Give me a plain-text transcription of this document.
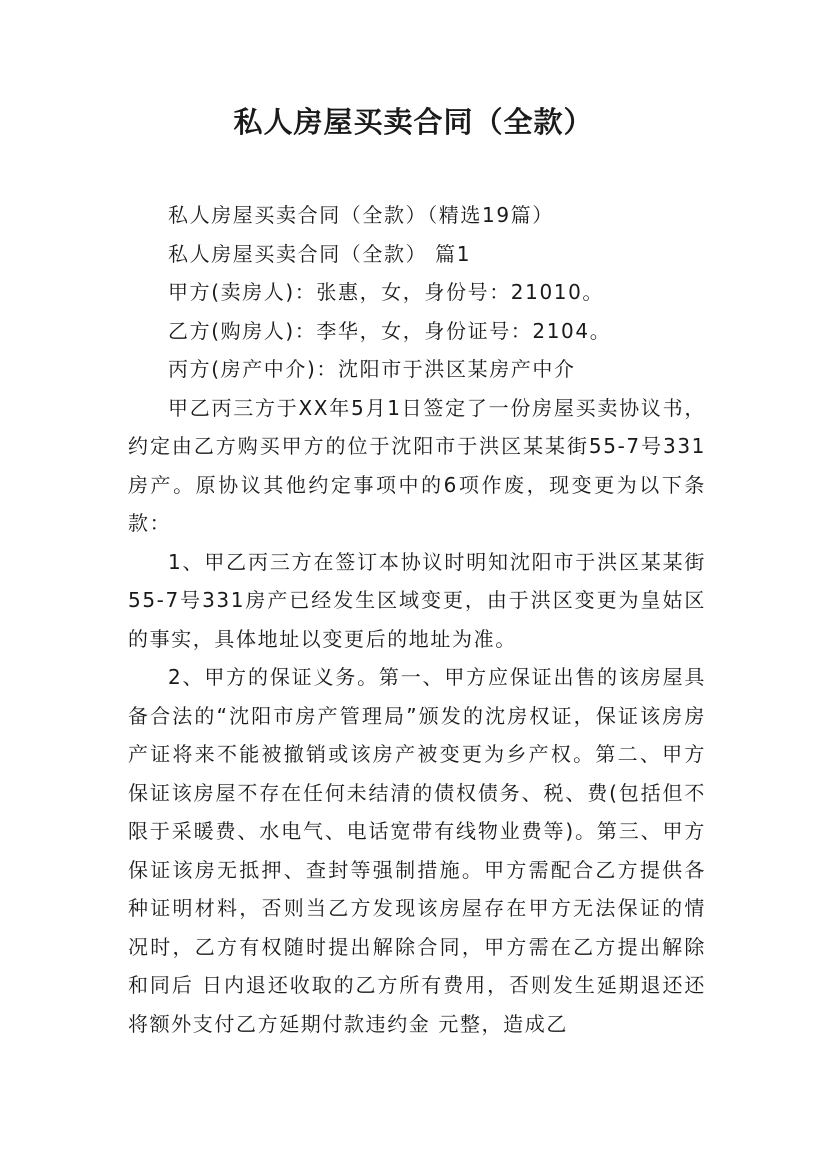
私人房屋买卖合同（全款）

私人房屋买卖合同（全款）（精选19篇）

私人房屋买卖合同（全款） 篇1

甲方(卖房人)：张惠，女，身份号：21010。

乙方(购房人)：李华，女，身份证号：2104。

丙方(房产中介)：沈阳市于洪区某房产中介

甲乙丙三方于XX年5月1日签定了一份房屋买卖协议书，约定由乙方购买甲方的位于沈阳市于洪区某某街55-7号331房产。原协议其他约定事项中的6项作废，现变更为以下条款：

1、甲乙丙三方在签订本协议时明知沈阳市于洪区某某街55-7号331房产已经发生区域变更，由于洪区变更为皇姑区的事实，具体地址以变更后的地址为准。

2、甲方的保证义务。第一、甲方应保证出售的该房屋具备合法的“沈阳市房产管理局”颁发的沈房权证，保证该房房产证将来不能被撤销或该房产被变更为乡产权。第二、甲方保证该房屋不存在任何未结清的债权债务、税、费(包括但不限于采暖费、水电气、电话宽带有线物业费等)。第三、甲方保证该房无抵押、查封等强制措施。甲方需配合乙方提供各种证明材料，否则当乙方发现该房屋存在甲方无法保证的情况时，乙方有权随时提出解除合同，甲方需在乙方提出解除和同后 日内退还收取的乙方所有费用，否则发生延期退还还将额外支付乙方延期付款违约金 元整，造成乙
